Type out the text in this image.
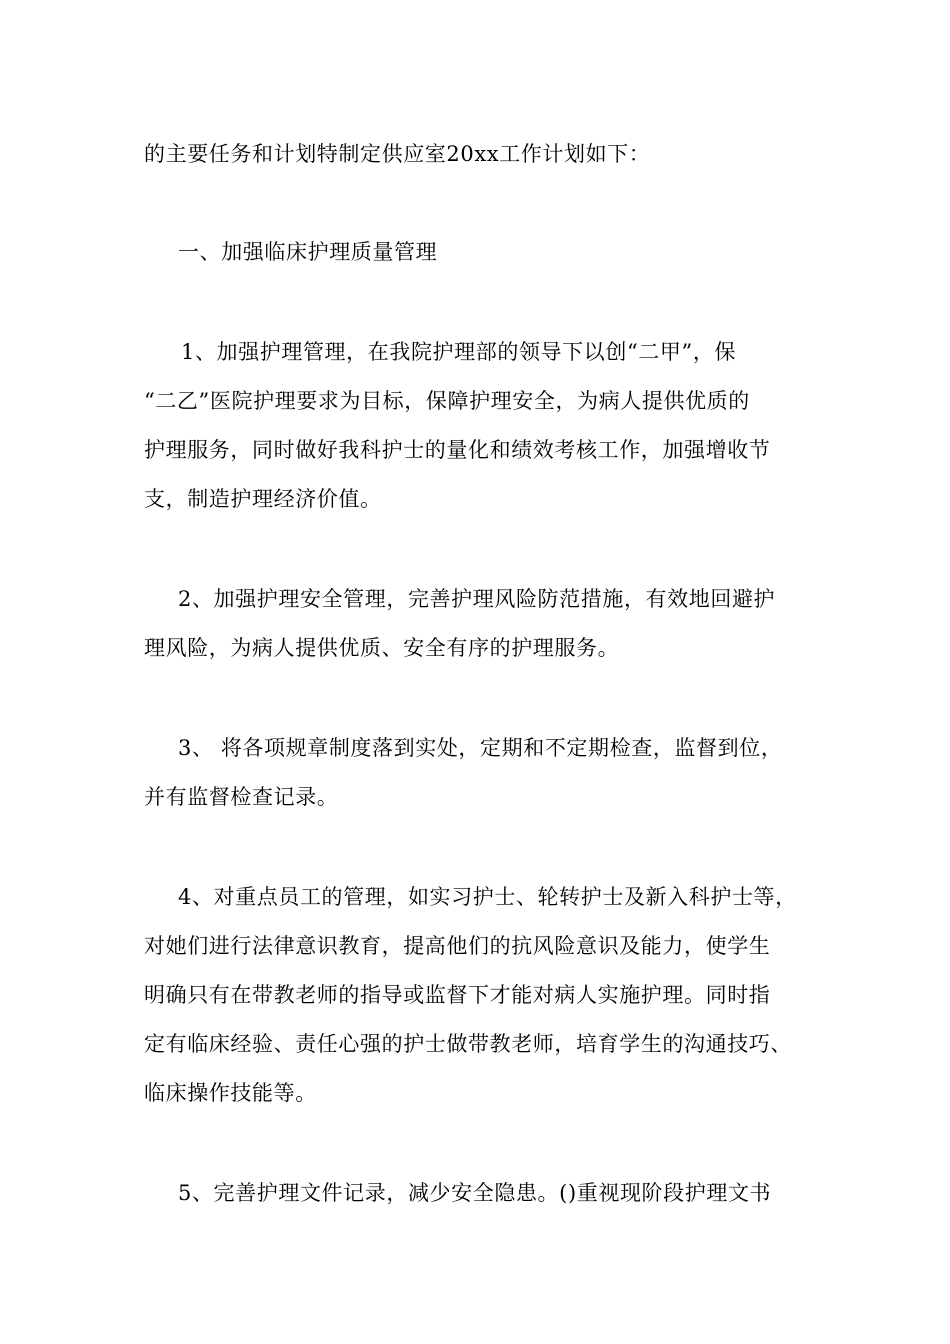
的主要任务和计划特制定供应室20xx工作计划如下：
一、加强临床护理质量管理
1、加强护理管理，在我院护理部的领导下以创“二甲”，保
“二乙”医院护理要求为目标，保障护理安全，为病人提供优质的
护理服务，同时做好我科护士的量化和绩效考核工作，加强增收节
支，制造护理经济价值。
2、加强护理安全管理，完善护理风险防范措施，有效地回避护
理风险，为病人提供优质、安全有序的护理服务。
3、 将各项规章制度落到实处，定期和不定期检查，监督到位，
并有监督检查记录。
4、对重点员工的管理，如实习护士、轮转护士及新入科护士等，
对她们进行法律意识教育，提高他们的抗风险意识及能力，使学生
明确只有在带教老师的指导或监督下才能对病人实施护理。同时指
定有临床经验、责任心强的护士做带教老师，培育学生的沟通技巧、
临床操作技能等。
5、完善护理文件记录，减少安全隐患。()重视现阶段护理文书
